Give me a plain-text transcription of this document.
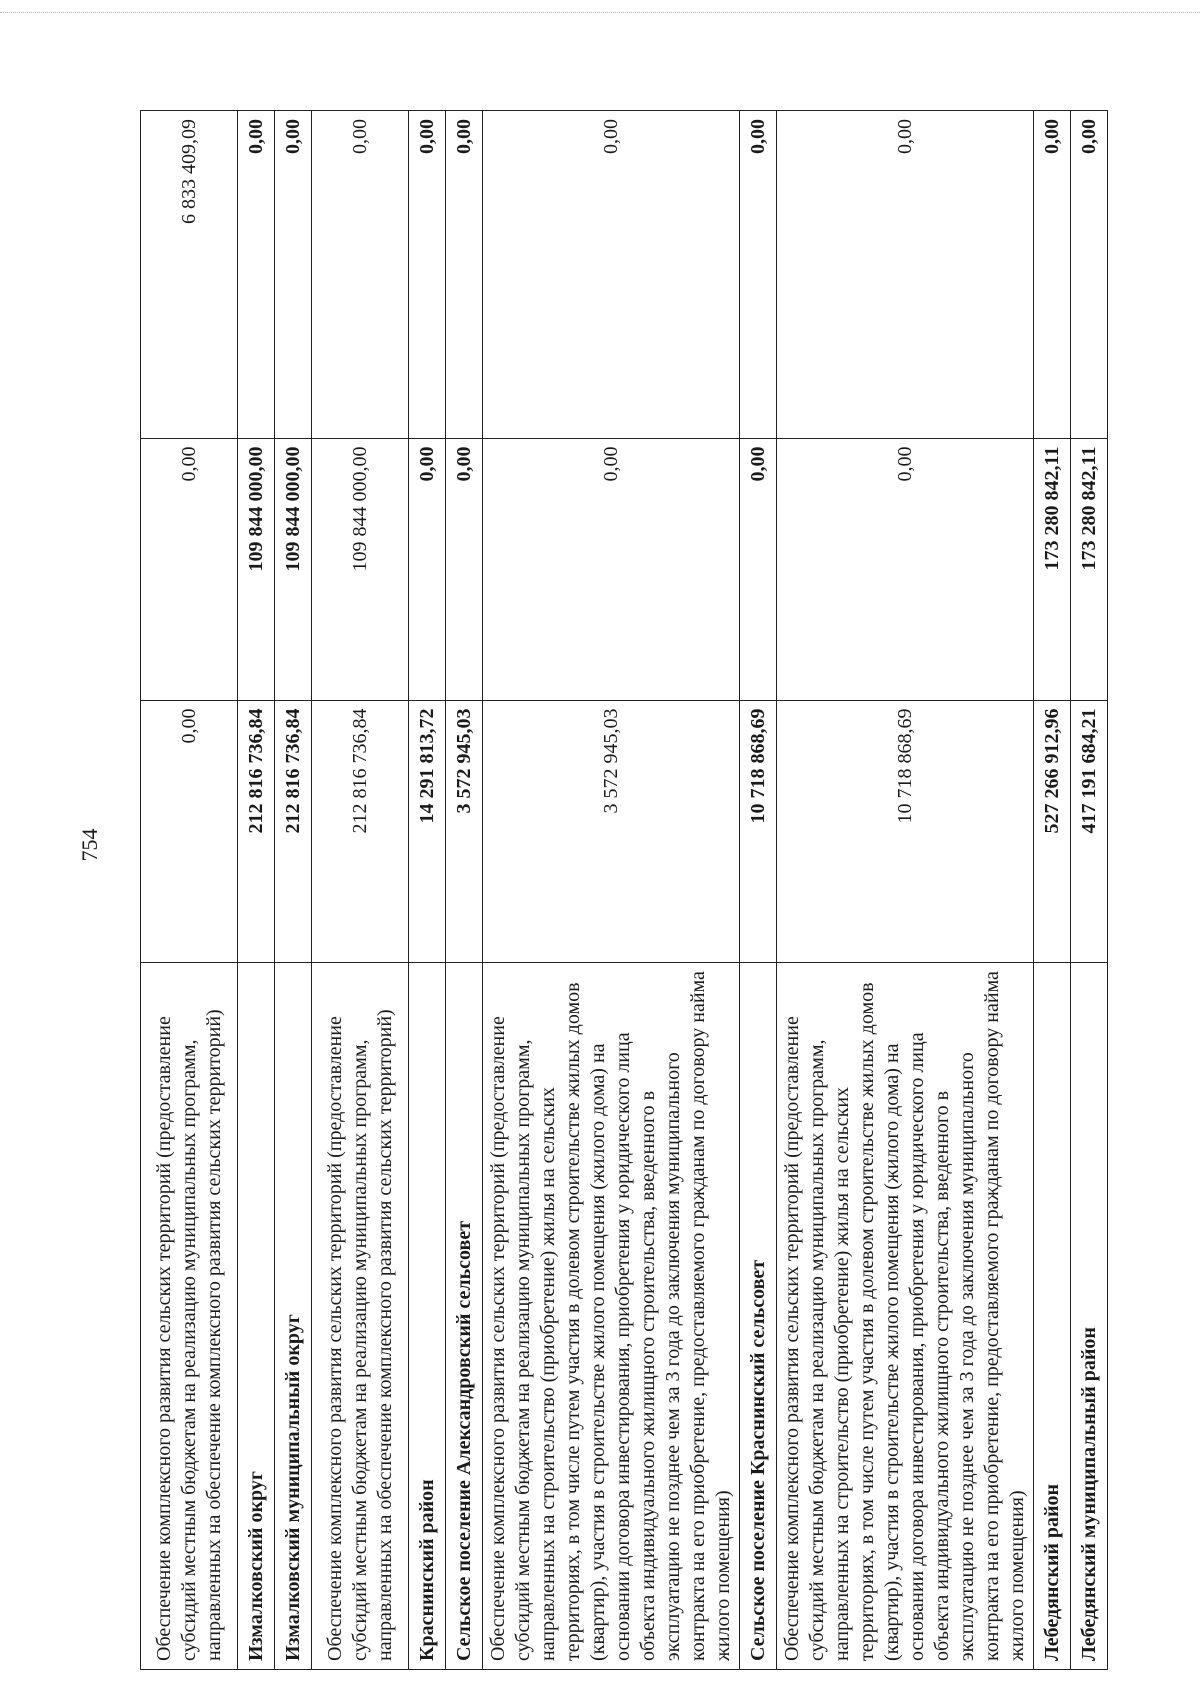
754
Обеспечение комплексного развития сельских территорий (предоставление субсидий местным бюджетам на реализацию муниципальных программ, направленных на обеспечение комплексного развития сельских территорий)	0,00	0,00	6 833 409,09
Измалковский округ	212 816 736,84	109 844 000,00	0,00
Измалковский муниципальный округ	212 816 736,84	109 844 000,00	0,00
Обеспечение комплексного развития сельских территорий (предоставление субсидий местным бюджетам на реализацию муниципальных программ, направленных на обеспечение комплексного развития сельских территорий)	212 816 736,84	109 844 000,00	0,00
Краснинский район	14 291 813,72	0,00	0,00
Сельское поселение Александровский сельсовет	3 572 945,03	0,00	0,00
Обеспечение комплексного развития сельских территорий (предоставление субсидий местным бюджетам на реализацию муниципальных программ, направленных на строительство (приобретение) жилья на сельских территориях, в том числе путем участия в долевом строительстве жилых домов (квартир), участия в строительстве жилого помещения (жилого дома) на основании договора инвестирования, приобретения у юридического лица объекта индивидуального жилищного строительства, введенного в эксплуатацию не позднее чем за 3 года до заключения муниципального контракта на его приобретение, предоставляемого гражданам по договору найма жилого помещения)	3 572 945,03	0,00	0,00
Сельское поселение Краснинский сельсовет	10 718 868,69	0,00	0,00
Обеспечение комплексного развития сельских территорий (предоставление субсидий местным бюджетам на реализацию муниципальных программ, направленных на строительство (приобретение) жилья на сельских территориях, в том числе путем участия в долевом строительстве жилых домов (квартир), участия в строительстве жилого помещения (жилого дома) на основании договора инвестирования, приобретения у юридического лица объекта индивидуального жилищного строительства, введенного в эксплуатацию не позднее чем за 3 года до заключения муниципального контракта на его приобретение, предоставляемого гражданам по договору найма жилого помещения)	10 718 868,69	0,00	0,00
Лебедянский район	527 266 912,96	173 280 842,11	0,00
Лебедянский муниципальный район	417 191 684,21	173 280 842,11	0,00
